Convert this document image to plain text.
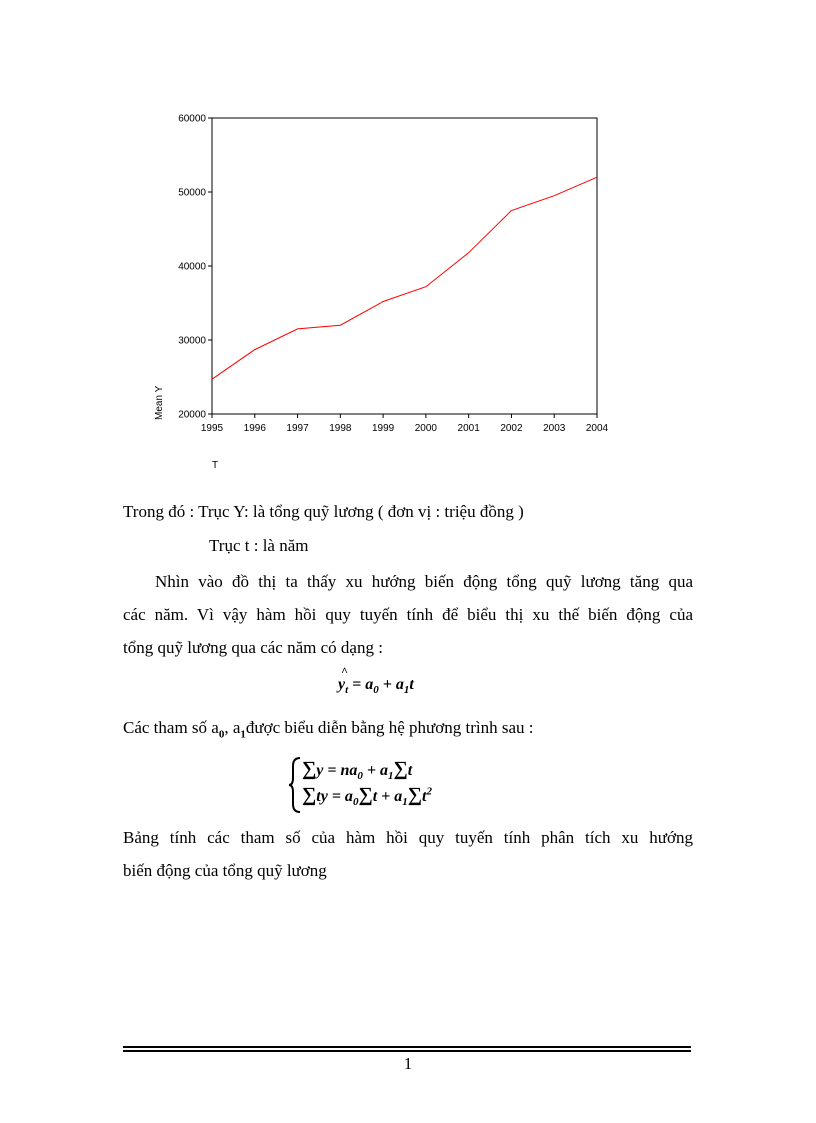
20000
30000
40000
50000
60000
1995 1996 1997 1998 1999 2000 2001 2002 2003 2004
Mean Y
T
Trong đó : Trục Y: là tổng quỹ lương ( đơn vị : triệu đồng )
Trục t : là năm
Nhìn vào đồ thị ta thấy xu hướng biến động tổng quỹ lương tăng qua
các năm. Vì vậy hàm hồi quy tuyến tính để biểu thị xu thế biến động của
tổng quỹ lương qua các năm có dạng :
$y_t$
^
= $a_0 + a_1t$
Các tham số $a_0$, $a_1được$ biểu diễn bằng hệ phương trình sau :
$\sum y = na_0 + a_1\sum t$
$\sum ty = a_0\sum t + a_1\sum t^2$
Bảng tính các tham số của hàm hồi quy tuyến tính phân tích xu hướng
biến động của tổng quỹ lương
1
